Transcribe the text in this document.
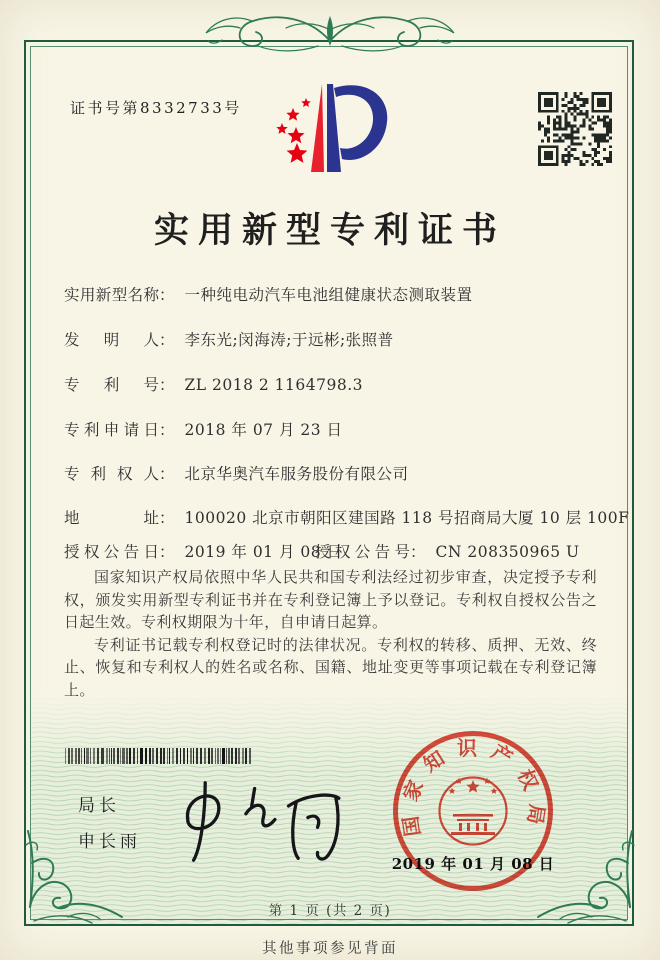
证书号第8332733号
实用新型专利证书
实用新型名称： 一种纯电动汽车电池组健康状态测取装置
发明人： 李东光;闵海涛;于远彬;张照普
专利号： ZL 2018 2 1164798.3
专利申请日： 2018 年 07 月 23 日
专利权人： 北京华奥汽车服务股份有限公司
地址： 100020 北京市朝阳区建国路 118 号招商局大厦 10 层 100F
授权公告日： 2019 年 01 月 08 日
授权公告号： CN 208350965 U

国家知识产权局依照中华人民共和国专利法经过初步审查，决定授予专利权，颁发实用新型专利证书并在专利登记簿上予以登记。专利权自授权公告之日起生效。专利权期限为十年，自申请日起算。

专利证书记载专利权登记时的法律状况。专利权的转移、质押、无效、终止、恢复和专利权人的姓名或名称、国籍、地址变更等事项记载在专利登记簿上。

局长
申长雨
2019 年 01 月 08 日
国家知识产权局
第 1 页 (共 2 页)
其他事项参见背面
